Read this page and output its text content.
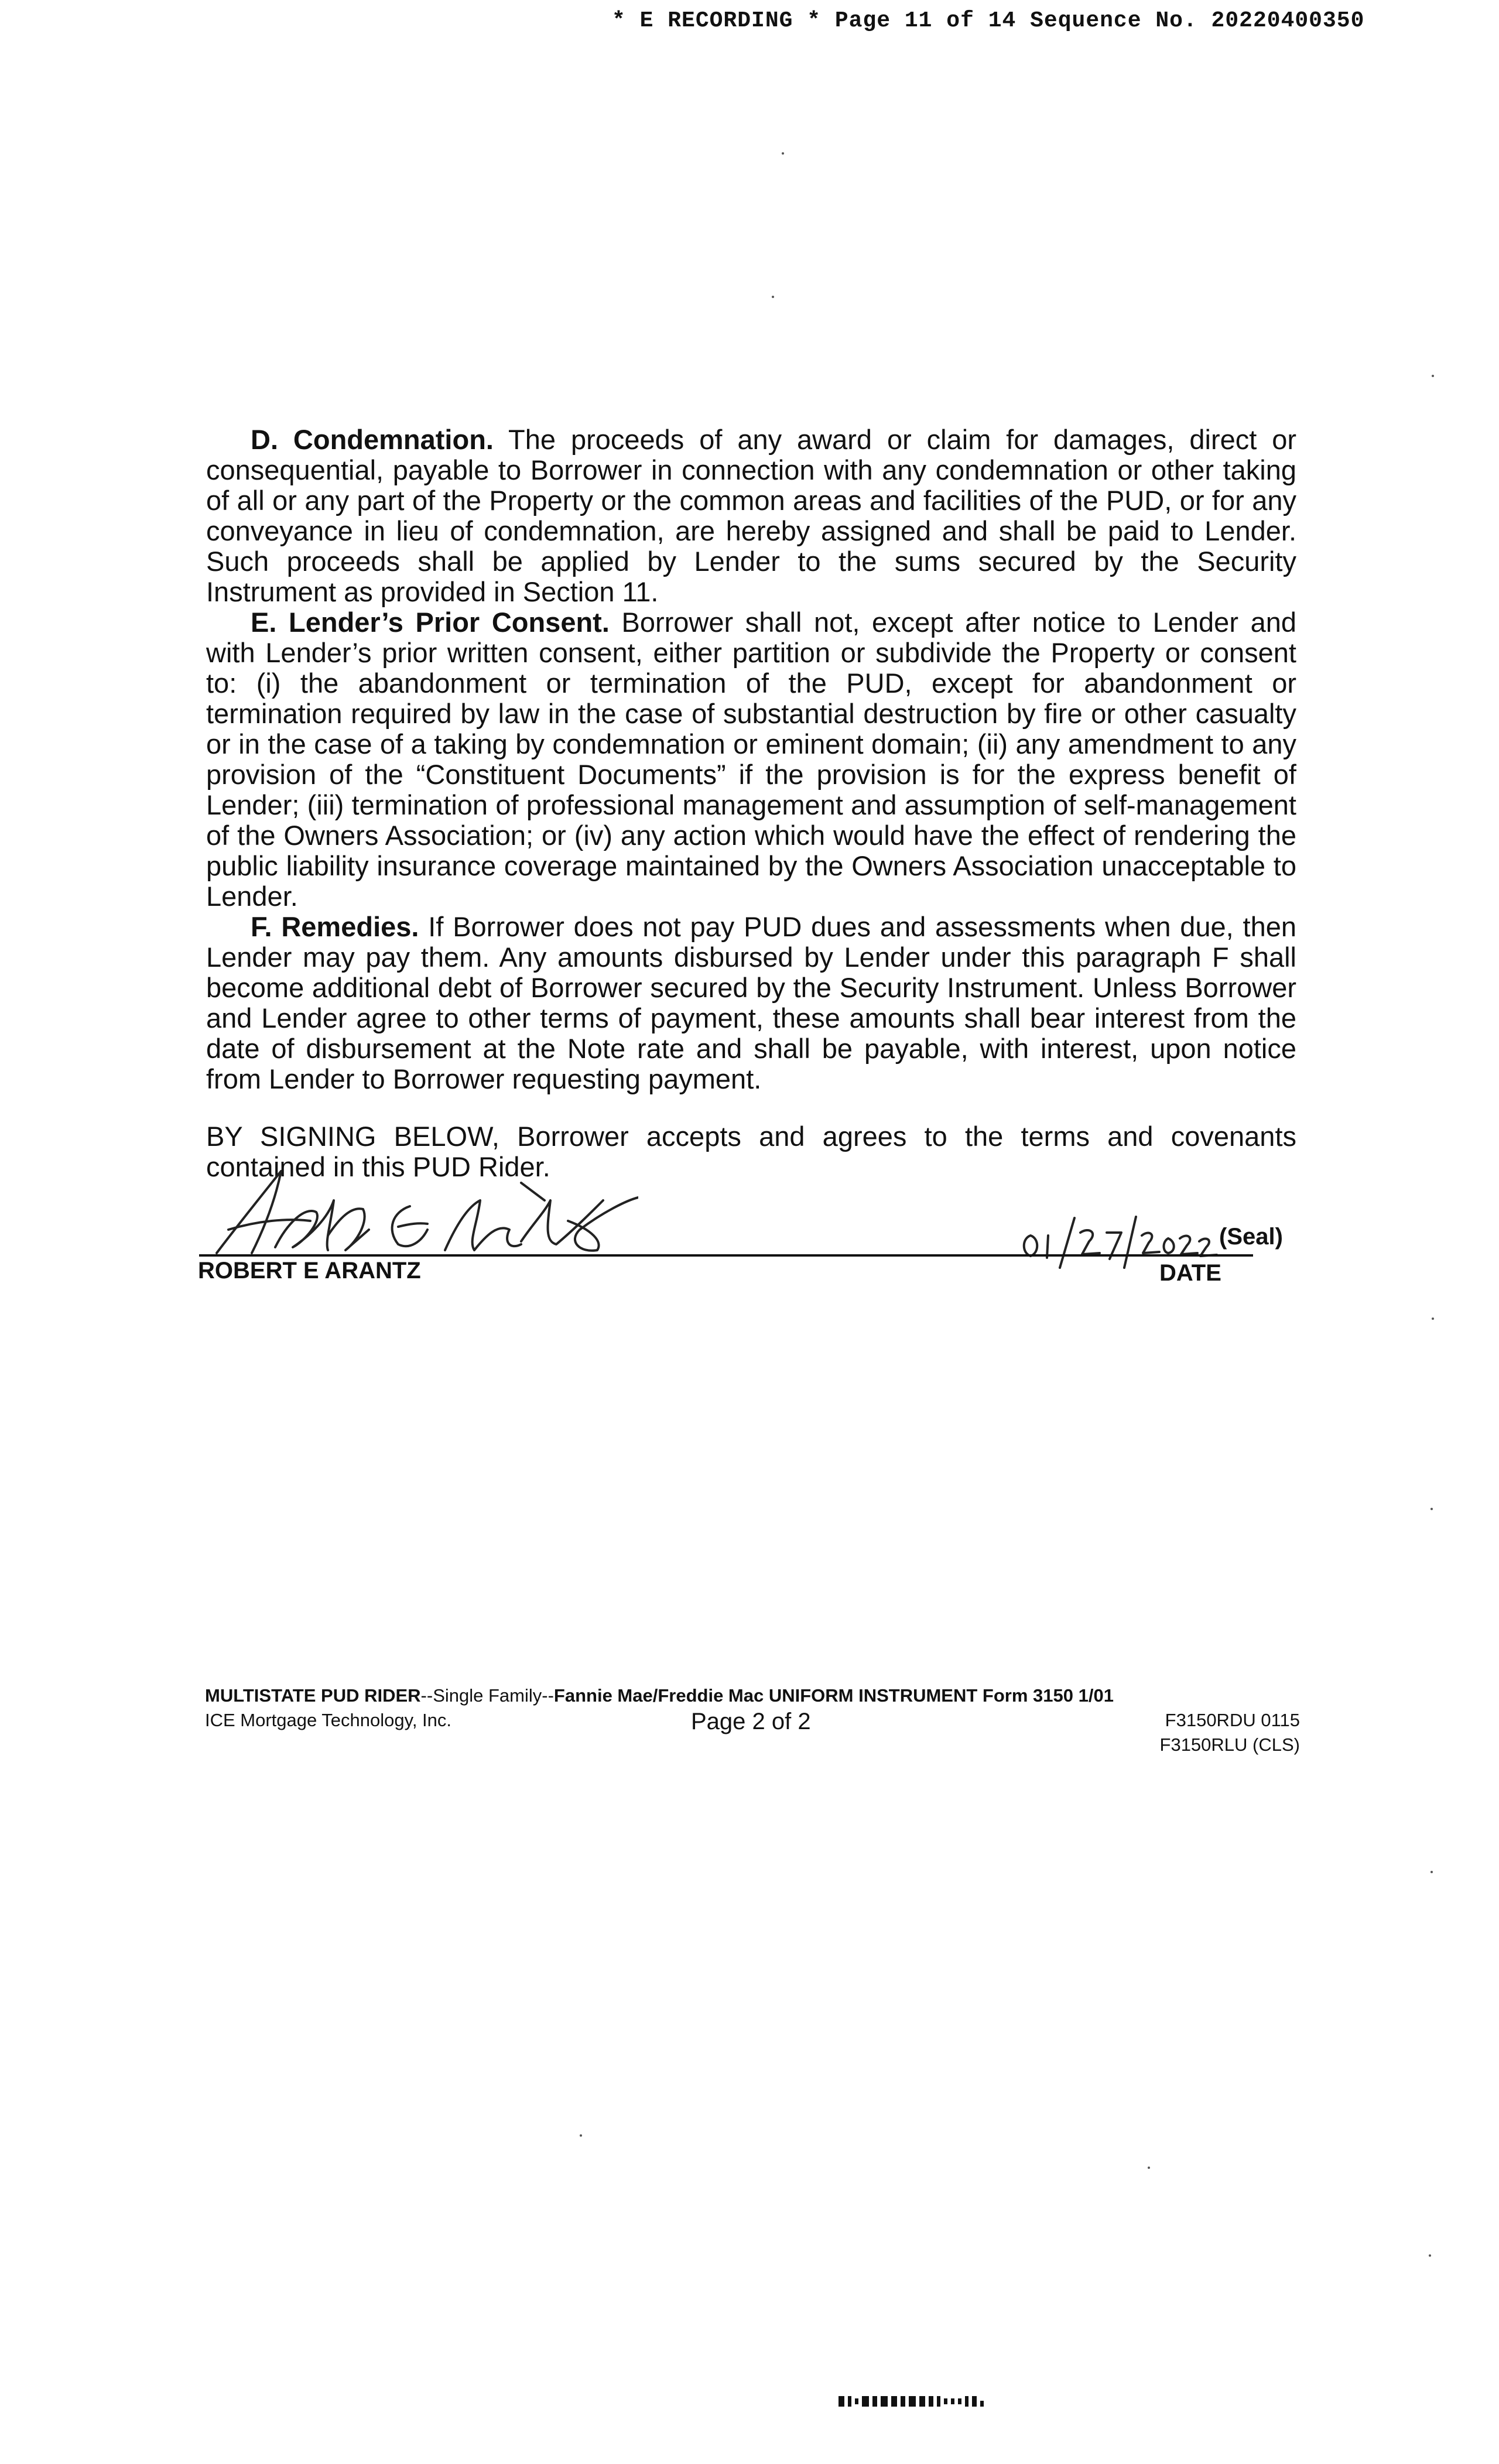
* E RECORDING * Page 11 of 14 Sequence No. 20220400350

D. Condemnation. The proceeds of any award or claim for damages, direct or consequential, payable to Borrower in connection with any condemnation or other taking of all or any part of the Property or the common areas and facilities of the PUD, or for any conveyance in lieu of condemnation, are hereby assigned and shall be paid to Lender. Such proceeds shall be applied by Lender to the sums secured by the Security Instrument as provided in Section 11.

E. Lender’s Prior Consent. Borrower shall not, except after notice to Lender and with Lender’s prior written consent, either partition or subdivide the Property or consent to: (i) the abandonment or termination of the PUD, except for abandonment or termination required by law in the case of substantial destruction by fire or other casualty or in the case of a taking by condemnation or eminent domain; (ii) any amendment to any provision of the “Constituent Documents” if the provision is for the express benefit of Lender; (iii) termination of professional management and assumption of self-management of the Owners Association; or (iv) any action which would have the effect of rendering the public liability insurance coverage maintained by the Owners Association unacceptable to Lender.

F. Remedies. If Borrower does not pay PUD dues and assessments when due, then Lender may pay them. Any amounts disbursed by Lender under this paragraph F shall become additional debt of Borrower secured by the Security Instrument. Unless Borrower and Lender agree to other terms of payment, these amounts shall bear interest from the date of disbursement at the Note rate and shall be payable, with interest, upon notice from Lender to Borrower requesting payment.

BY SIGNING BELOW, Borrower accepts and agrees to the terms and covenants contained in this PUD Rider.

ROBERT E ARANTZ
(Seal)
DATE
MULTISTATE PUD RIDER--Single Family--Fannie Mae/Freddie Mac UNIFORM INSTRUMENT Form 3150 1/01
ICE Mortgage Technology, Inc.	Page 2 of 2	F3150RDU 0115
F3150RLU (CLS)
